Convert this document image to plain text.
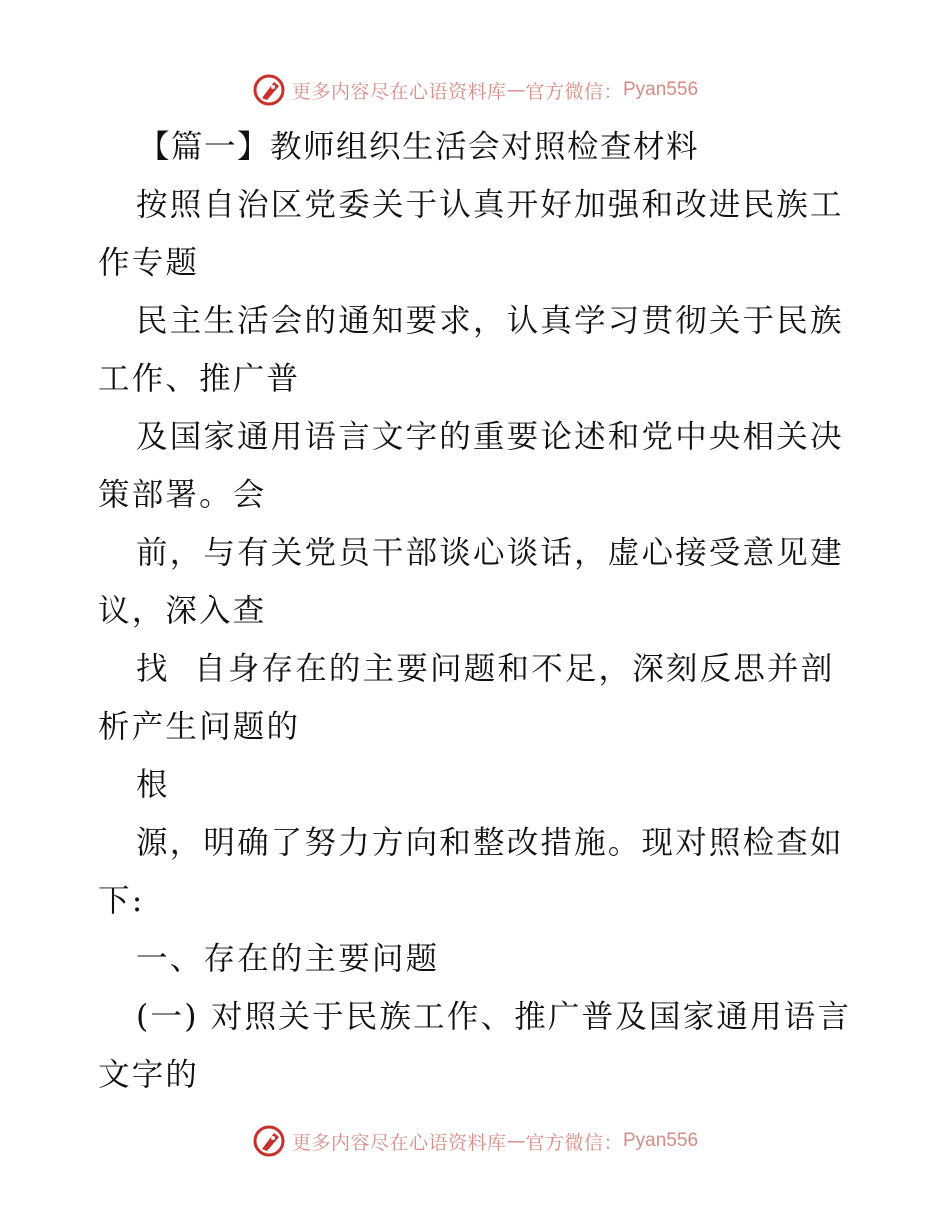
更多内容尽在心语资料库 — 官方微信： Pyan556
【篇一】教师组织生活会对照检查材料
按照自治区党委关于认真开好加强和改进民族工
作专题
民主生活会的通知要求，认真学习贯彻关于民族
工作、推广普
及国家通用语言文字的重要论述和党中央相关决
策部署。会
前，与有关党员干部谈心谈话，虚心接受意见建
议，深入查
找  自身存在的主要问题和不足，深刻反思并剖
析产生问题的
根
源，明确了努力方向和整改措施。现对照检查如
下:
一、存在的主要问题
(一) 对照关于民族工作、推广普及国家通用语言
文字的
更多内容尽在心语资料库 — 官方微信： Pyan556
